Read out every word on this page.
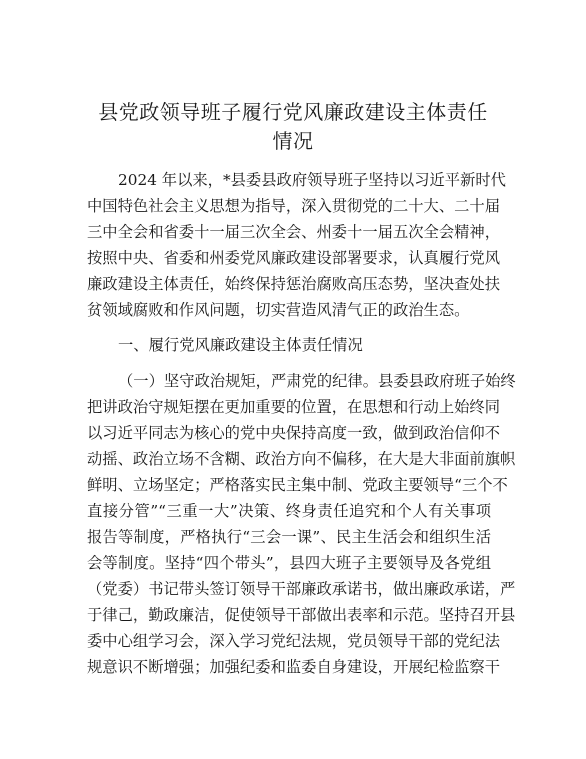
县党政领导班子履行党风廉政建设主体责任情况

2024 年以来，*县委县政府领导班子坚持以习近平新时代

中国特色社会主义思想为指导，深入贯彻党的二十大、二十届

三中全会和省委十一届三次全会、州委十一届五次全会精神，

按照中央、省委和州委党风廉政建设部署要求，认真履行党风

廉政建设主体责任，始终保持惩治腐败高压态势，坚决查处扶

贫领域腐败和作风问题，切实营造风清气正的政治生态。

一、履行党风廉政建设主体责任情况

（一）坚守政治规矩，严肃党的纪律。县委县政府班子始终

把讲政治守规矩摆在更加重要的位置，在思想和行动上始终同

以习近平同志为核心的党中央保持高度一致，做到政治信仰不

动摇、政治立场不含糊、政治方向不偏移，在大是大非面前旗帜

鲜明、立场坚定；严格落实民主集中制、党政主要领导“三个不

直接分管”“三重一大”决策、终身责任追究和个人有关事项

报告等制度，严格执行“三会一课”、民主生活会和组织生活

会等制度。坚持“四个带头”，县四大班子主要领导及各党组

（党委）书记带头签订领导干部廉政承诺书，做出廉政承诺，严

于律己，勤政廉洁，促使领导干部做出表率和示范。坚持召开县

委中心组学习会，深入学习党纪法规，党员领导干部的党纪法

规意识不断增强；加强纪委和监委自身建设，开展纪检监察干
